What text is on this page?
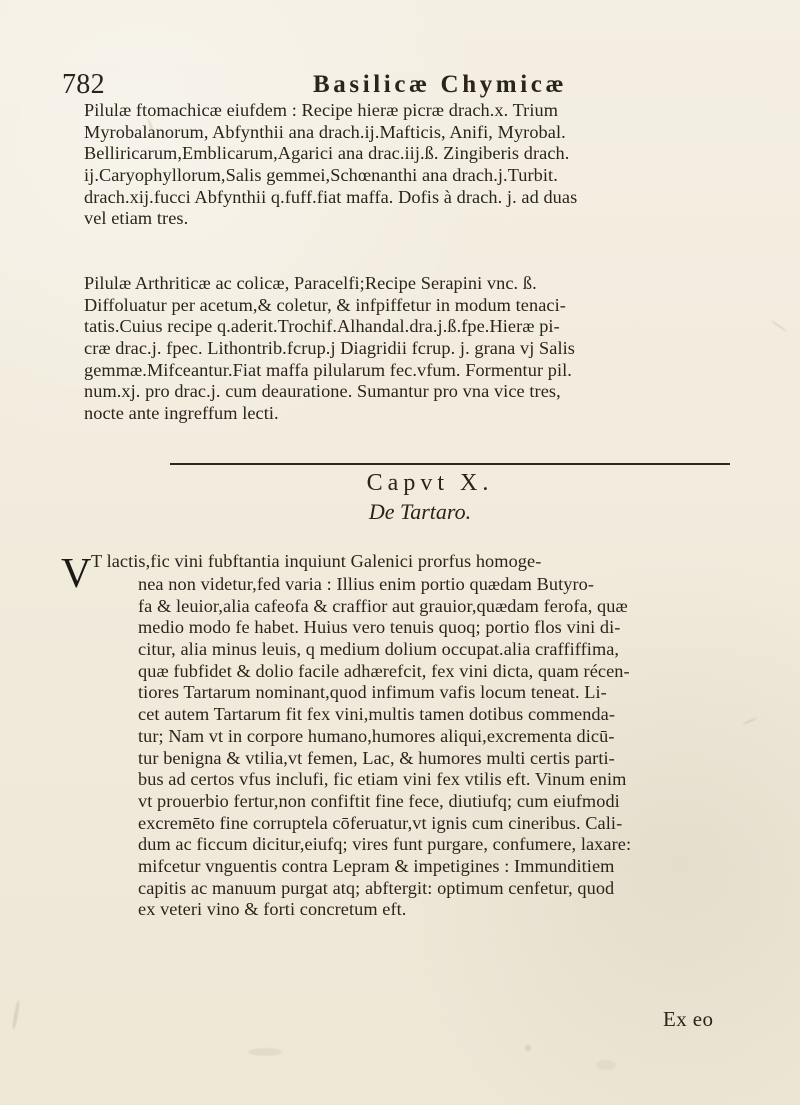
782	Basilicæ Chymicæ
Pilulæ ftomachicæ eiufdem : Recipe hieræ picræ drach.x. Trium
Myrobalanorum, Abfynthii ana drach.ij.Mafticis, Anifi, Myrobal.
Belliricarum,Emblicarum,Agarici ana drac.iij.ß. Zingiberis drach.
ij.Caryophyllorum,Salis gemmei,Schœnanthi ana drach.j.Turbit.
drach.xij.fucci Abfynthii q.fuff.fiat maffa. Dofis à drach. j. ad duas
vel etiam tres.
Pilulæ Arthriticæ ac colicæ, Paracelfi;Recipe Serapini vnc. ß.
Diffoluatur per acetum,& coletur, & infpiffetur in modum tenaci-
tatis.Cuius recipe q.aderit.Trochif.Alhandal.dra.j.ß.fpe.Hieræ pi-
cræ drac.j. fpec. Lithontrib.fcrup.j Diagridii fcrup. j. grana vj Salis
gemmæ.Mifceantur.Fiat maffa pilularum fec.vfum. Formentur pil.
num.xj. pro drac.j. cum deauratione. Sumantur pro vna vice tres,
nocte ante ingreffum lecti.
Capvt X.
De Tartaro.
V
T lactis,fic vini fubftantia inquiunt Galenici prorfus homoge-
nea non videtur,fed varia : Illius enim portio quædam Butyro-
fa & leuior,alia cafeofa & craffior aut grauior,quædam ferofa, quæ
medio modo fe habet. Huius vero tenuis quoq; portio flos vini di-
citur, alia minus leuis, q medium dolium occupat.alia craffiffima,
quæ fubfidet & dolio facile adhærefcit, fex vini dicta, quam récen-
tiores Tartarum nominant,quod infimum vafis locum teneat. Li-
cet autem Tartarum fit fex vini,multis tamen dotibus commenda-
tur; Nam vt in corpore humano,humores aliqui,excrementa dicū-
tur benigna & vtilia,vt femen, Lac, & humores multi certis parti-
bus ad certos vfus inclufi, fic etiam vini fex vtilis eft. Vinum enim
vt prouerbio fertur,non confiftit fine fece, diutiufq; cum eiufmodi
excremēto fine corruptela cōferuatur,vt ignis cum cineribus. Cali-
dum ac ficcum dicitur,eiufq; vires funt purgare, confumere, laxare:
mifcetur vnguentis contra Lepram & impetigines : Immunditiem
capitis ac manuum purgat atq; abftergit: optimum cenfetur, quod
ex veteri vino & forti concretum eft.
Ex eo
